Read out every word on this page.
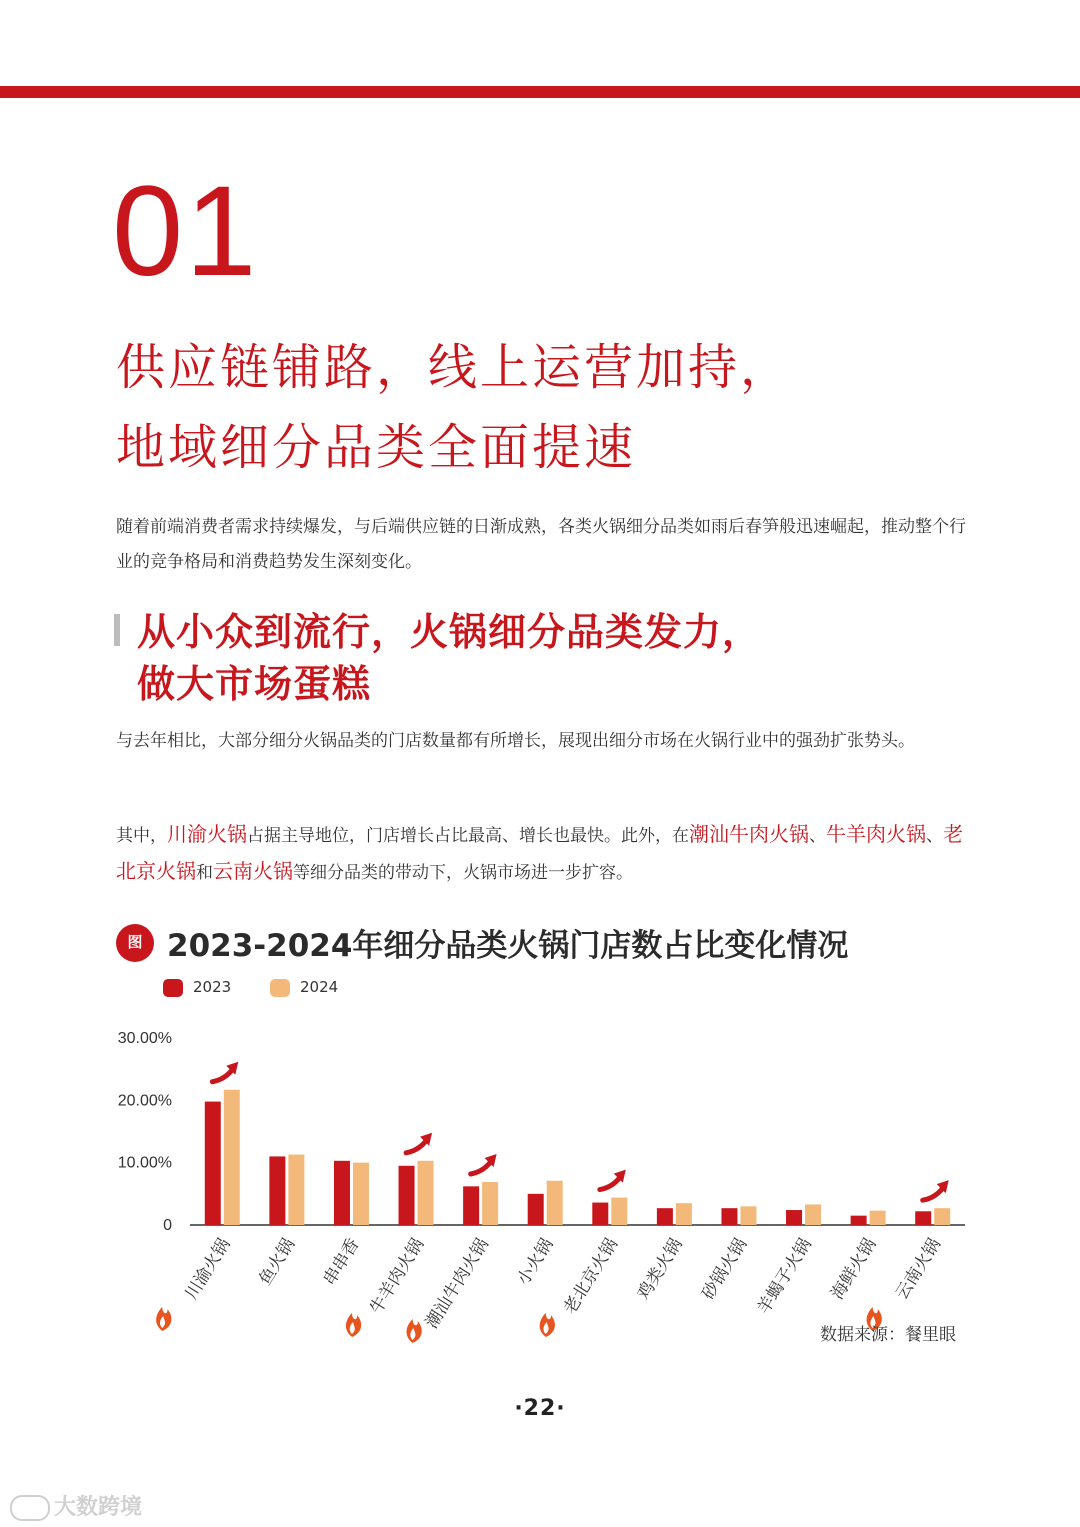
01
供应链铺路，线上运营加持，
地域细分品类全面提速
随着前端消费者需求持续爆发，与后端供应链的日渐成熟，各类火锅细分品类如雨后春笋般迅速崛起，推动整个行业的竞争格局和消费趋势发生深刻变化。
从小众到流行，火锅细分品类发力，
做大市场蛋糕
与去年相比，大部分细分火锅品类的门店数量都有所增长，展现出细分市场在火锅行业中的强劲扩张势头。
其中，川渝火锅占据主导地位，门店增长占比最高、增长也最快。此外，在潮汕牛肉火锅、牛羊肉火锅、老北京火锅和云南火锅等细分品类的带动下，火锅市场进一步扩容。
图 2023-2024年细分品类火锅门店数占比变化情况
2023	2024
30.00%
20.00%
10.00%
0
川渝火锅 鱼火锅 串串香 牛羊肉火锅
潮汕牛肉火锅 小火锅 老北京火锅 鸡类火锅 砂锅火锅 羊蝎子火锅 海鲜火锅 云南火锅
数据来源：餐里眼
·22·
大数跨境
